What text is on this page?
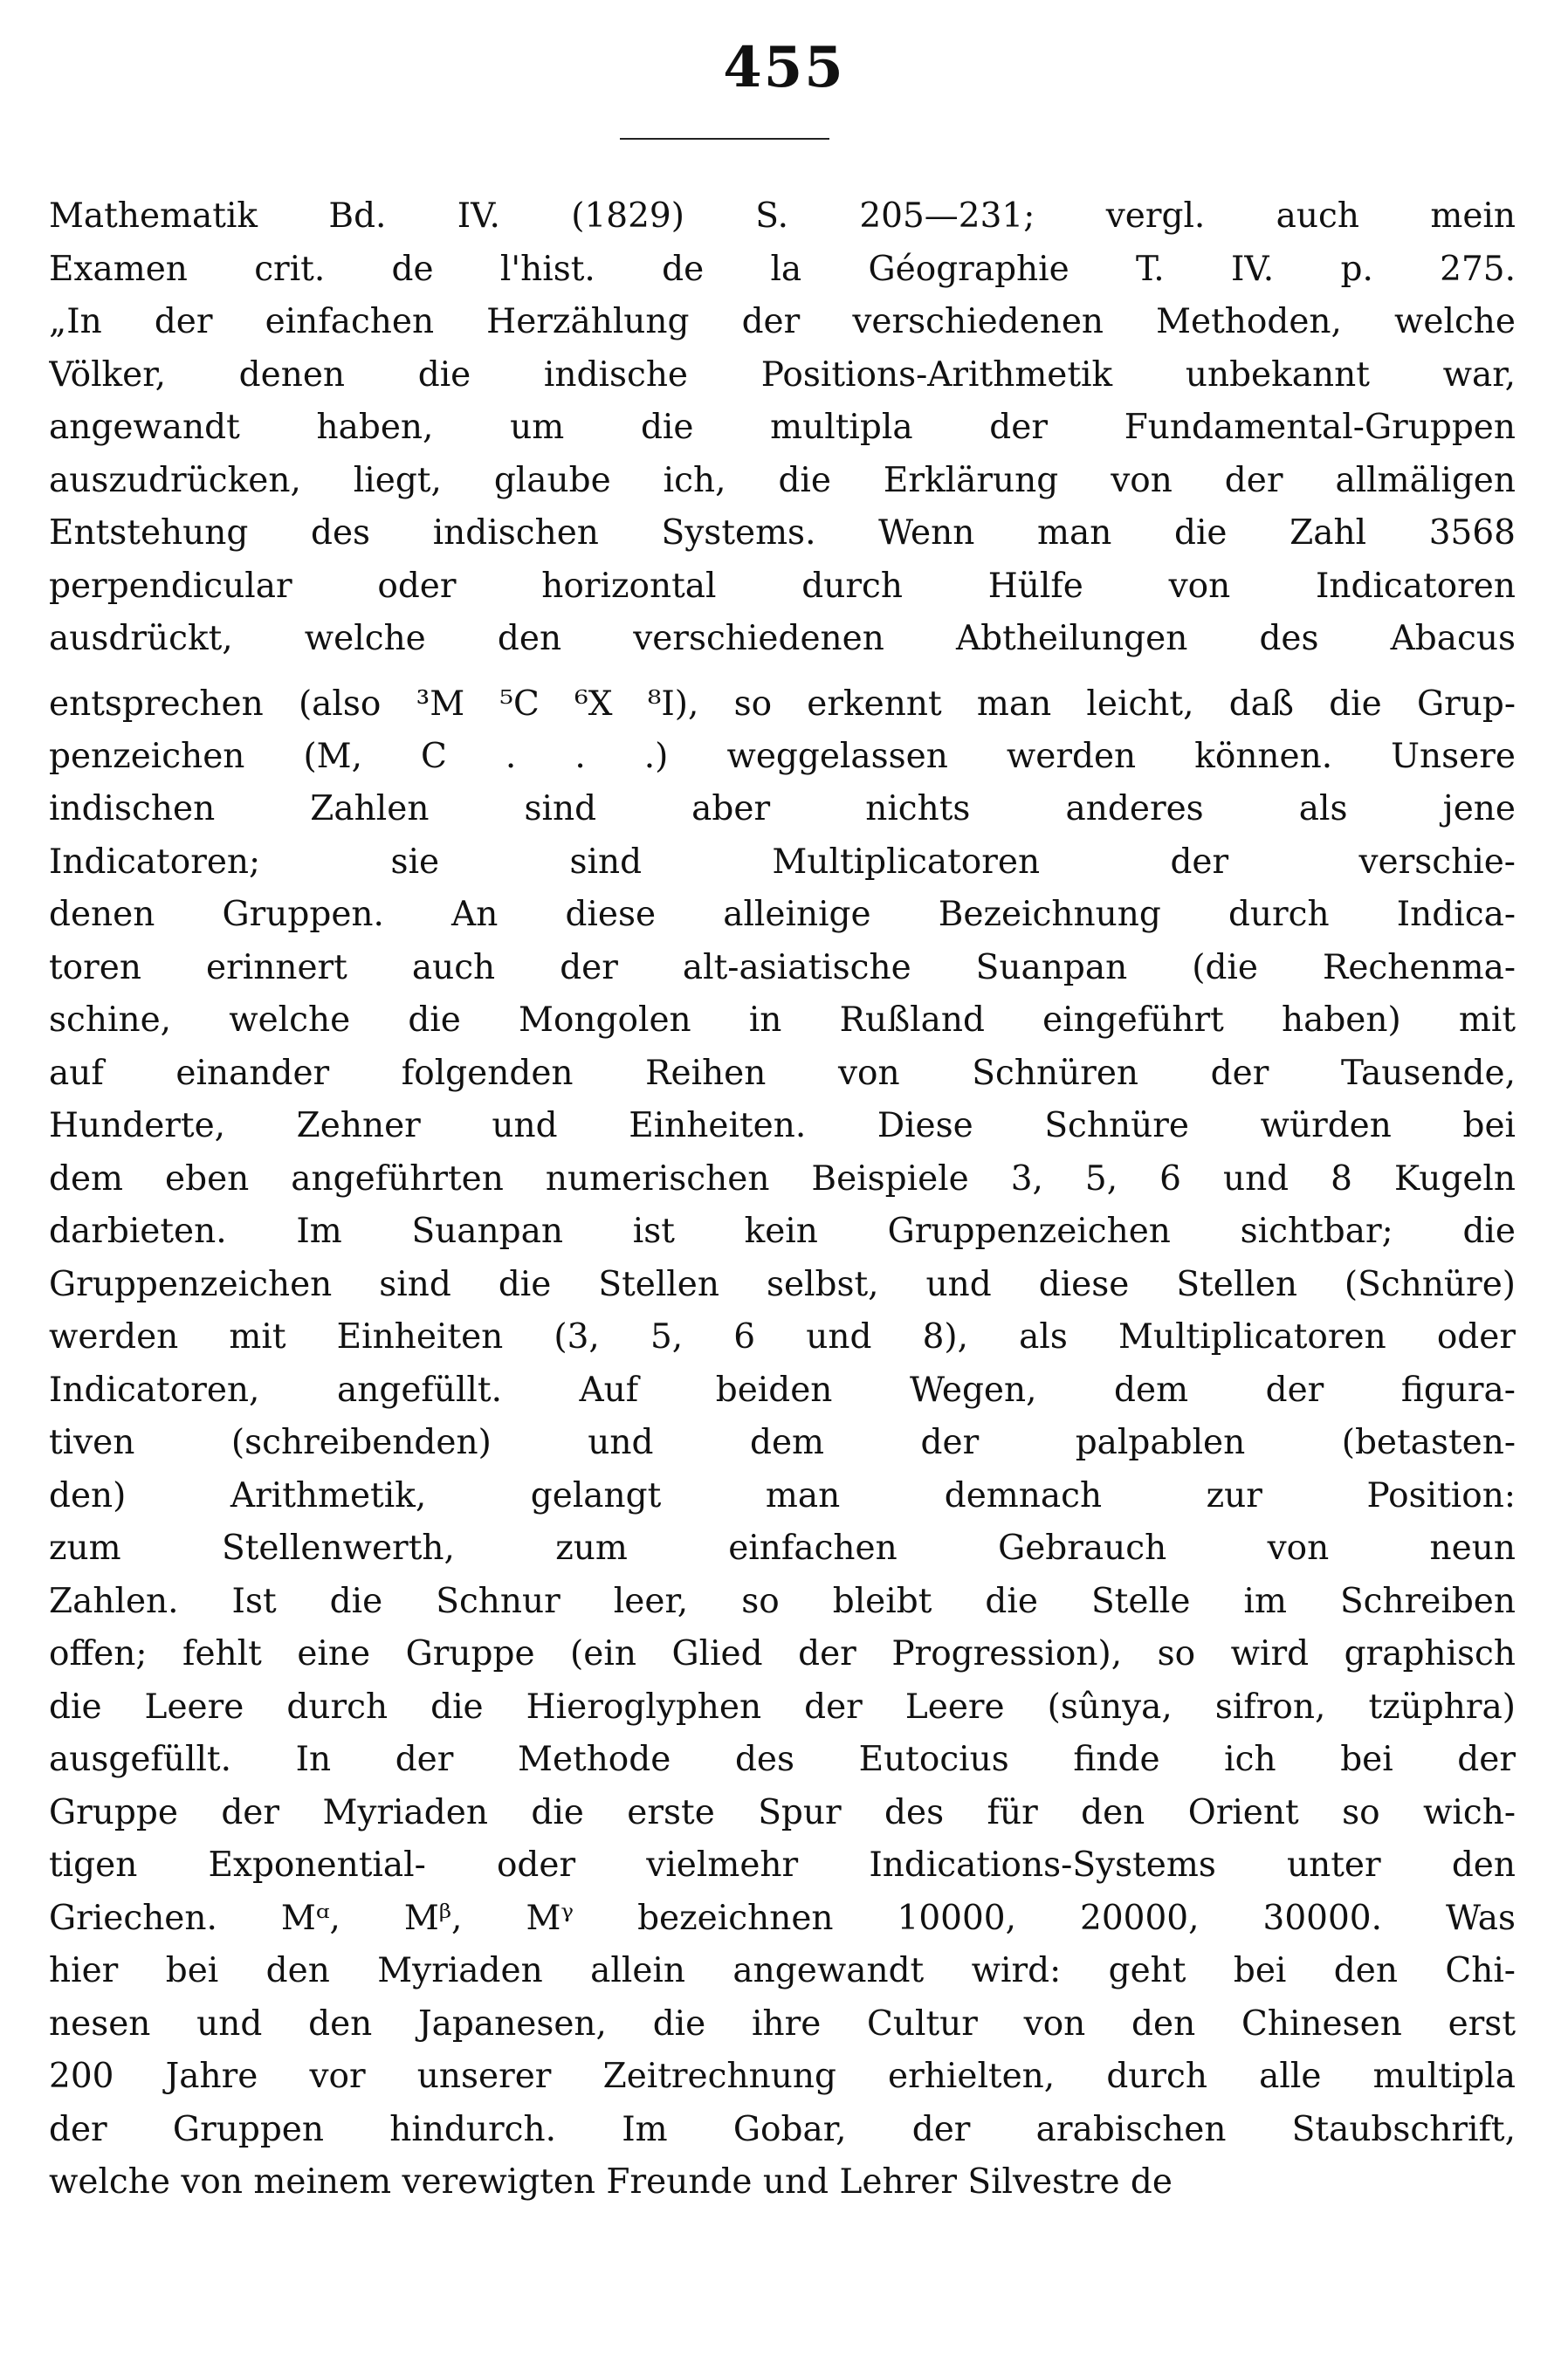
455
Mathematik Bd. IV. (1829) S. 205—231; vergl. auch mein
Examen crit. de l'hist. de la Géographie T. IV. p. 275.
„In der einfachen Herzählung der verschiedenen Methoden, welche
Völker, denen die indische Positions-Arithmetik unbekannt war,
angewandt haben, um die multipla der Fundamental-Gruppen
auszudrücken, liegt, glaube ich, die Erklärung von der allmäligen
Entstehung des indischen Systems. Wenn man die Zahl 3568
perpendicular oder horizontal durch Hülfe von Indicatoren
ausdrückt, welche den verschiedenen Abtheilungen des Abacus
entsprechen (also ³M ⁵C ⁶X ⁸I), so erkennt man leicht, daß die Grup-
penzeichen (M, C . . .) weggelassen werden können. Unsere
indischen Zahlen sind aber nichts anderes als jene
Indicatoren; sie sind Multiplicatoren der verschie-
denen Gruppen. An diese alleinige Bezeichnung durch Indica-
toren erinnert auch der alt-asiatische Suanpan (die Rechenma-
schine, welche die Mongolen in Rußland eingeführt haben) mit
auf einander folgenden Reihen von Schnüren der Tausende,
Hunderte, Zehner und Einheiten. Diese Schnüre würden bei
dem eben angeführten numerischen Beispiele 3, 5, 6 und 8 Kugeln
darbieten. Im Suanpan ist kein Gruppenzeichen sichtbar; die
Gruppenzeichen sind die Stellen selbst, und diese Stellen (Schnüre)
werden mit Einheiten (3, 5, 6 und 8), als Multiplicatoren oder
Indicatoren, angefüllt. Auf beiden Wegen, dem der figura-
tiven (schreibenden) und dem der palpablen (betasten-
den) Arithmetik, gelangt man demnach zur Position:
zum Stellenwerth, zum einfachen Gebrauch von neun
Zahlen. Ist die Schnur leer, so bleibt die Stelle im Schreiben
offen; fehlt eine Gruppe (ein Glied der Progression), so wird graphisch
die Leere durch die Hieroglyphen der Leere (sûnya, sifron, tzüphra)
ausgefüllt. In der Methode des Eutocius finde ich bei der
Gruppe der Myriaden die erste Spur des für den Orient so wich-
tigen Exponential- oder vielmehr Indications-Systems unter den
Griechen. Mᵅ, Mᵝ, Mᵞ bezeichnen 10000, 20000, 30000. Was
hier bei den Myriaden allein angewandt wird: geht bei den Chi-
nesen und den Japanesen, die ihre Cultur von den Chinesen erst
200 Jahre vor unserer Zeitrechnung erhielten, durch alle multipla
der Gruppen hindurch. Im Gobar, der arabischen Staubschrift,
welche von meinem verewigten Freunde und Lehrer Silvestre de
